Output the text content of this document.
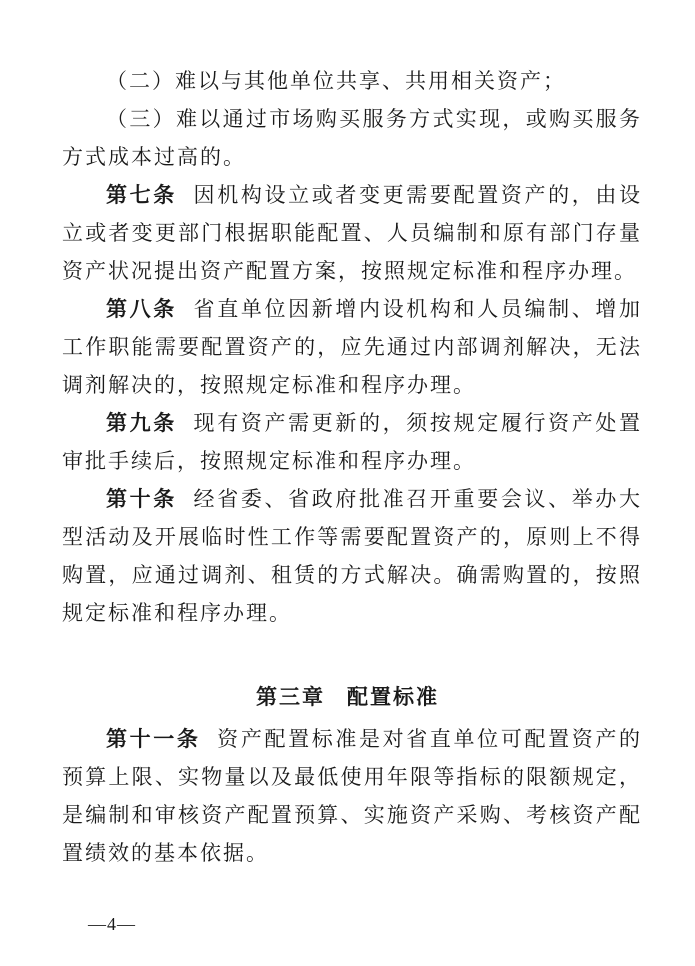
（二）难以与其他单位共享、共用相关资产；

（三）难以通过市场购买服务方式实现，或购买服务方式成本过高的。

第七条 因机构设立或者变更需要配置资产的，由设立或者变更部门根据职能配置、人员编制和原有部门存量资产状况提出资产配置方案，按照规定标准和程序办理。

第八条 省直单位因新增内设机构和人员编制、增加工作职能需要配置资产的，应先通过内部调剂解决，无法调剂解决的，按照规定标准和程序办理。

第九条 现有资产需更新的，须按规定履行资产处置审批手续后，按照规定标准和程序办理。

第十条 经省委、省政府批准召开重要会议、举办大型活动及开展临时性工作等需要配置资产的，原则上不得购置，应通过调剂、租赁的方式解决。确需购置的，按照规定标准和程序办理。

第三章 配置标准

第十一条 资产配置标准是对省直单位可配置资产的预算上限、实物量以及最低使用年限等指标的限额规定，是编制和审核资产配置预算、实施资产采购、考核资产配置绩效的基本依据。

—4—
